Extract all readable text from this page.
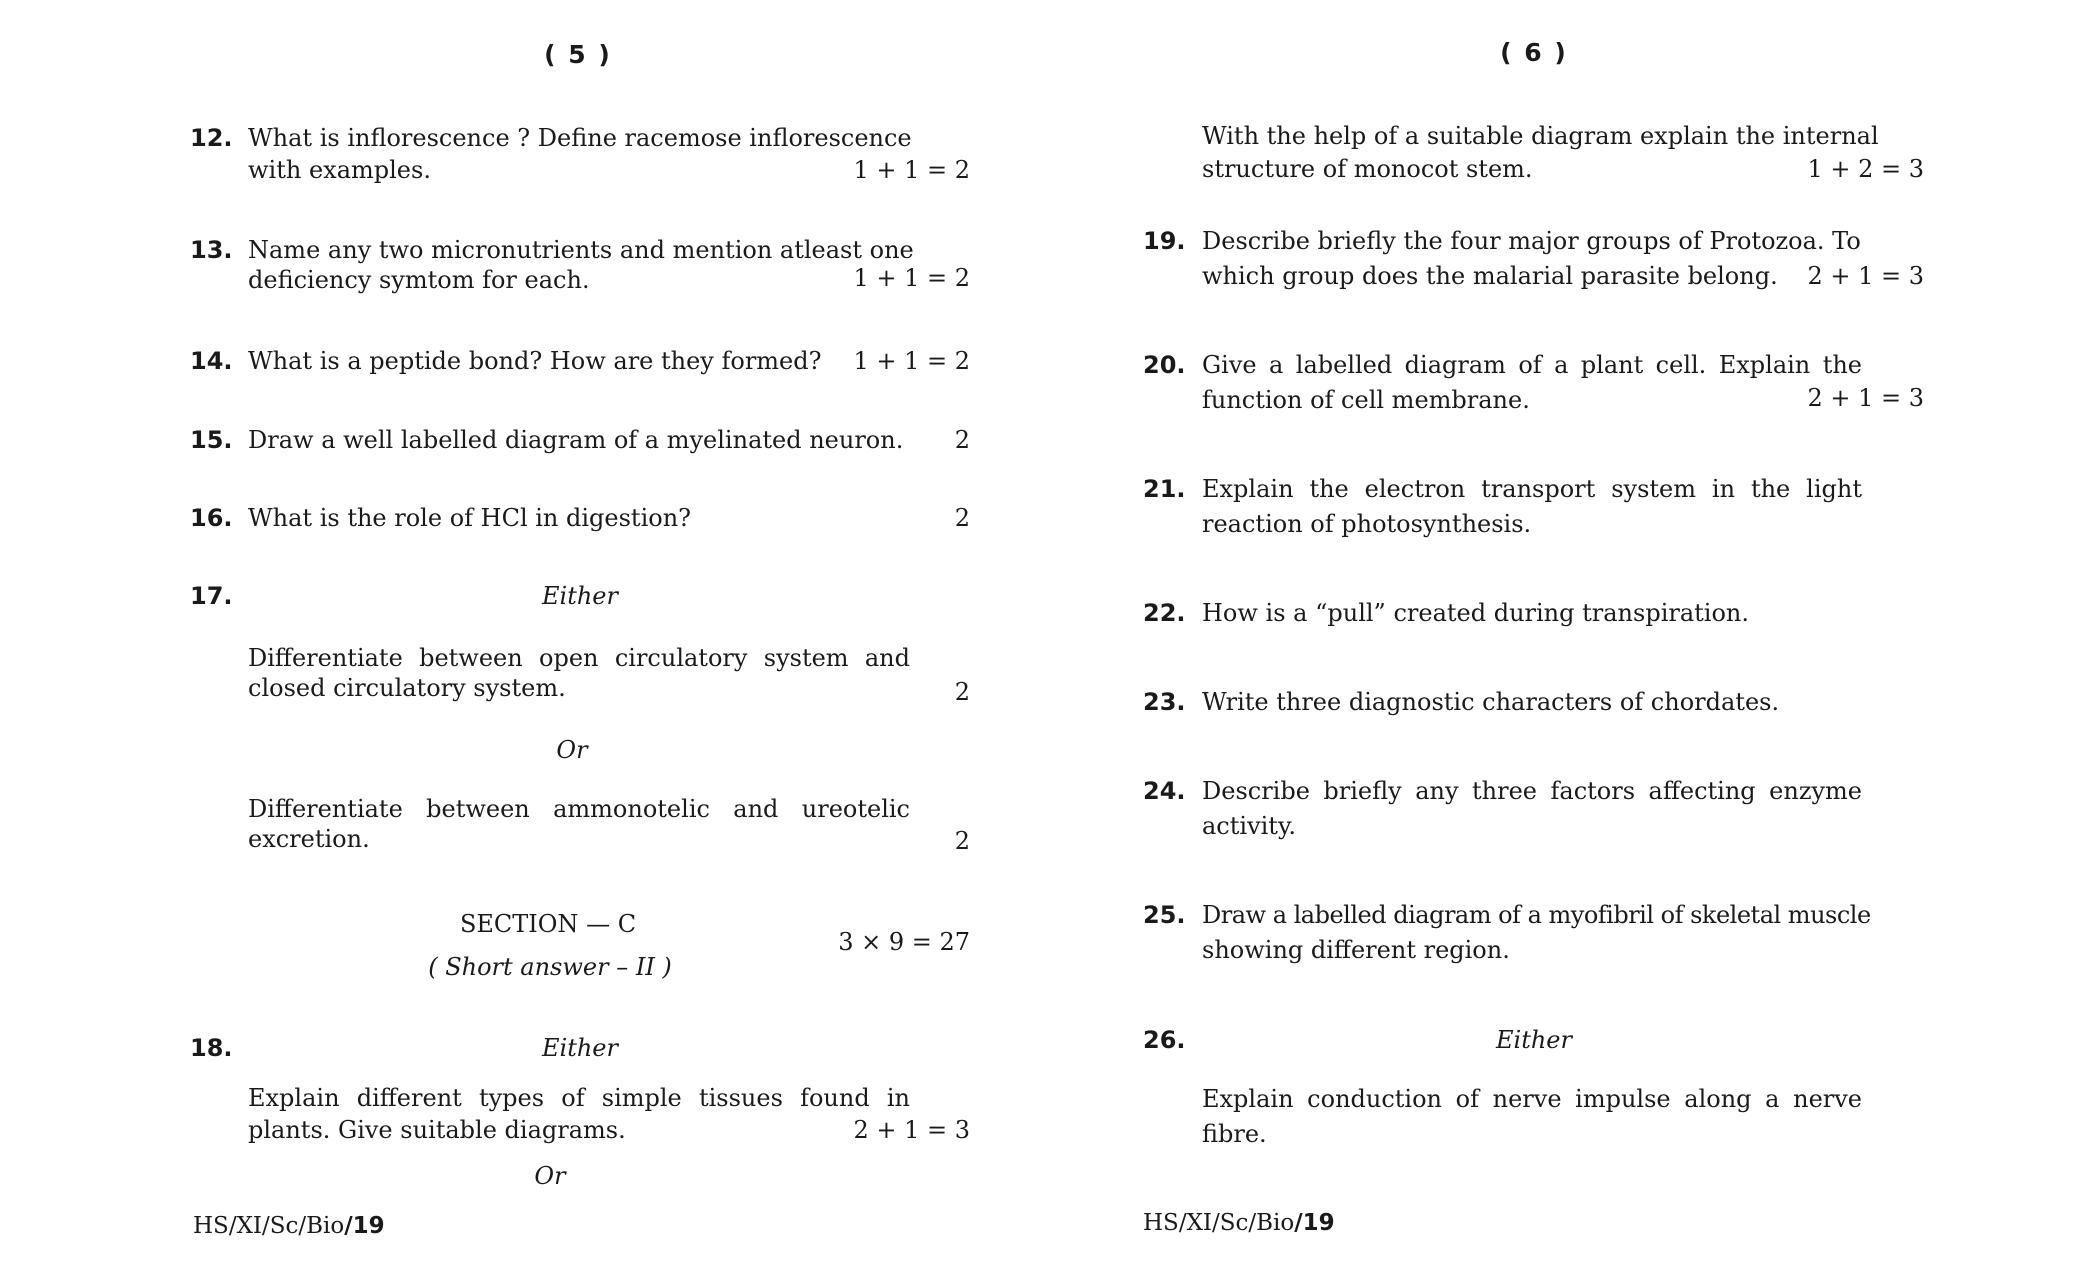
( 5 )
12. What is inflorescence ? Define racemose inflorescence
with examples.	1 + 1 = 2
13. Name any two micronutrients and mention atleast one
deficiency symtom for each.	1 + 1 = 2
14. What is a peptide bond? How are they formed? 1 + 1 = 2
15. Draw a well labelled diagram of a myelinated neuron. 2
16. What is the role of HCl in digestion?	2
17.	Either
Differentiate between open circulatory system and
closed circulatory system.	2
Or
Differentiate between ammonotelic and ureotelic
excretion.	2
SECTION — C
( Short answer – II )
3 × 9 = 27
18.	Either
Explain different types of simple tissues found in
plants. Give suitable diagrams.	2 + 1 = 3
Or
HS/XI/Sc/Bio/19
( 6 )
With the help of a suitable diagram explain the internal
structure of monocot stem.	1 + 2 = 3
19. Describe briefly the four major groups of Protozoa. To
which group does the malarial parasite belong. 2 + 1 = 3
20. Give a labelled diagram of a plant cell. Explain the
function of cell membrane.	2 + 1 = 3
21. Explain the electron transport system in the light
reaction of photosynthesis.
22. How is a “pull” created during transpiration.
23. Write three diagnostic characters of chordates.
24. Describe briefly any three factors affecting enzyme
activity.
25. Draw a labelled diagram of a myofibril of skeletal muscle
showing different region.
26.	Either
Explain conduction of nerve impulse along a nerve
fibre.
HS/XI/Sc/Bio/19
